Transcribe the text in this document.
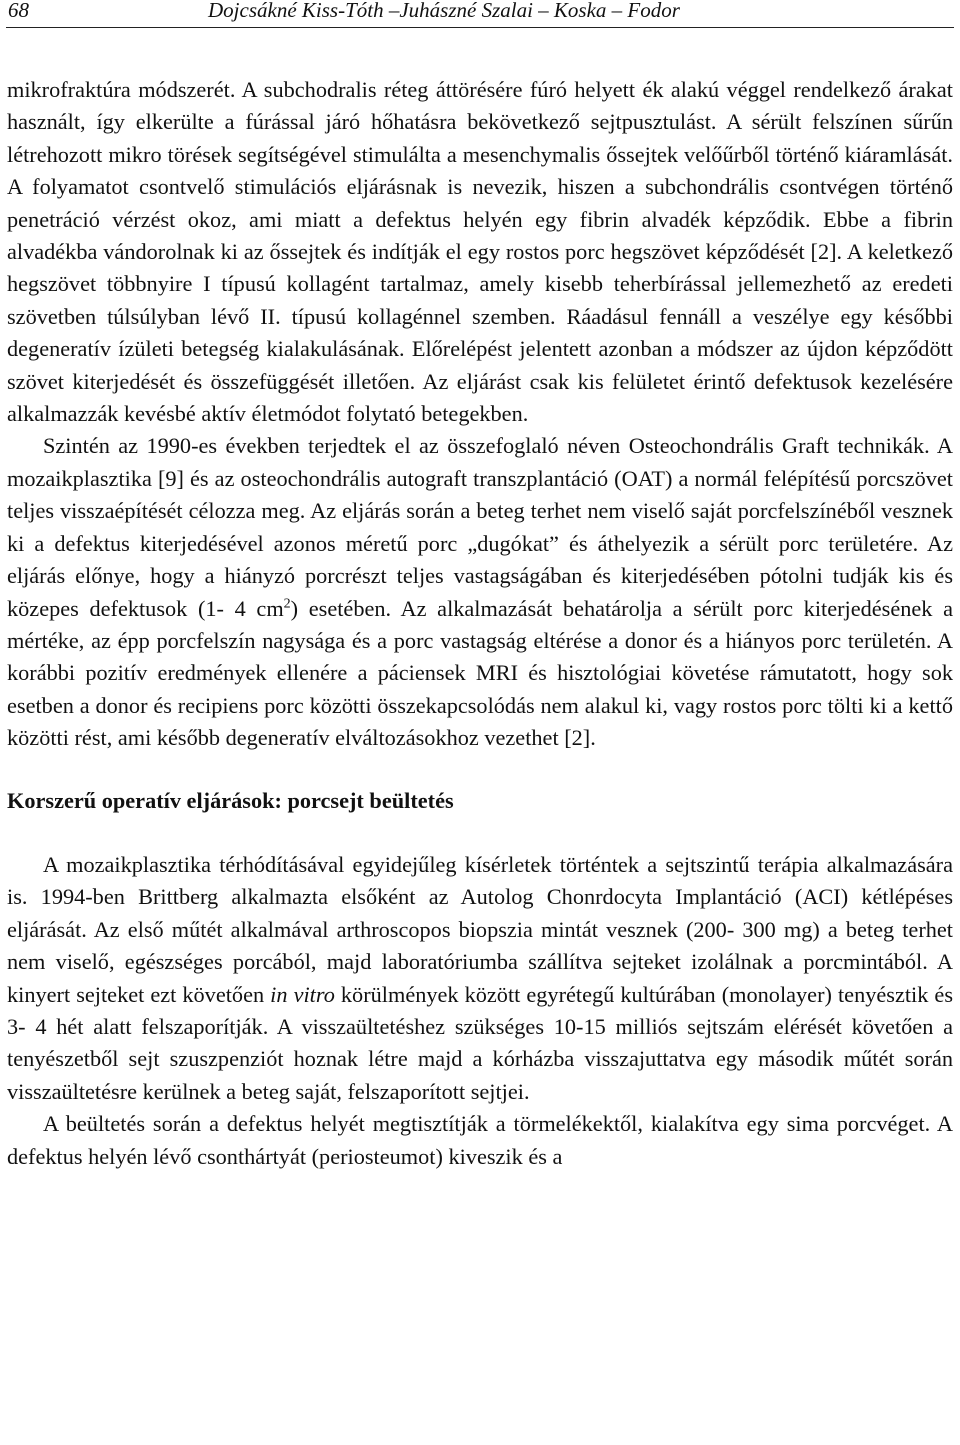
68	Dojcsákné Kiss-Tóth –Juhászné Szalai – Koska – Fodor

mikrofraktúra módszerét. A subchodralis réteg áttörésére fúró helyett ék alakú véggel rendelkező árakat használt, így elkerülte a fúrással járó hőhatásra bekövetkező sejtpusztulást. A sérült felszínen sűrűn létrehozott mikro törések segítségével stimulálta a mesenchymalis őssejtek velőűrből történő kiáramlását. A folyamatot csontvelő stimulációs eljárásnak is nevezik, hiszen a subchondrális csontvégen történő penetráció vérzést okoz, ami miatt a defektus helyén egy fibrin alvadék képződik. Ebbe a fibrin alvadékba vándorolnak ki az őssejtek és indítják el egy rostos porc hegszövet képződését [2]. A keletkező hegszövet többnyire I típusú kollagént tartalmaz, amely kisebb teherbírással jellemezhető az eredeti szövetben túlsúlyban lévő II. típusú kollagénnel szemben. Ráadásul fennáll a veszélye egy későbbi degeneratív ízületi betegség kialakulásának. Előrelépést jelentett azonban a módszer az újdon képződött szövet kiterjedését és összefüggését illetően. Az eljárást csak kis felületet érintő defektusok kezelésére alkalmazzák kevésbé aktív életmódot folytató betegekben.

Szintén az 1990-es években terjedtek el az összefoglaló néven Osteochondrális Graft technikák. A mozaikplasztika [9] és az osteochondrális autograft transzplantáció (OAT) a normál felépítésű porcszövet teljes visszaépítését célozza meg. Az eljárás során a beteg terhet nem viselő saját porcfelszínéből vesznek ki a defektus kiterjedésével azonos méretű porc „dugókat” és áthelyezik a sérült porc területére. Az eljárás előnye, hogy a hiányzó porcrészt teljes vastagságában és kiterjedésében pótolni tudják kis és közepes defektusok (1- 4 $cm^2$) esetében. Az alkalmazását behatárolja a sérült porc kiterjedésének a mértéke, az épp porcfelszín nagysága és a porc vastagság eltérése a donor és a hiányos porc területén. A korábbi pozitív eredmények ellenére a páciensek MRI és hisztológiai követése rámutatott, hogy sok esetben a donor és recipiens porc közötti összekapcsolódás nem alakul ki, vagy rostos porc tölti ki a kettő közötti rést, ami később degeneratív elváltozásokhoz vezethet [2].

Korszerű operatív eljárások: porcsejt beültetés

A mozaikplasztika térhódításával egyidejűleg kísérletek történtek a sejtszintű terápia alkalmazására is. 1994-ben Brittberg alkalmazta elsőként az Autolog Chonrdocyta Implantáció (ACI) kétlépéses eljárását. Az első műtét alkalmával arthroscopos biopszia mintát vesznek (200- 300 mg) a beteg terhet nem viselő, egészséges porcából, majd laboratóriumba szállítva sejteket izolálnak a porcmintából. A kinyert sejteket ezt követően in vitro körülmények között egyrétegű kultúrában (monolayer) tenyésztik és 3- 4 hét alatt felszaporítják. A visszaültetéshez szükséges 10-15 milliós sejtszám elérését követően a tenyészetből sejt szuszpenziót hoznak létre majd a kórházba visszajuttatva egy második műtét során visszaültetésre kerülnek a beteg saját, felszaporított sejtjei.

A beültetés során a defektus helyét megtisztítják a törmelékektől, kialakítva egy sima porcvéget. A defektus helyén lévő csonthártyát (periosteumot) kiveszik és a
